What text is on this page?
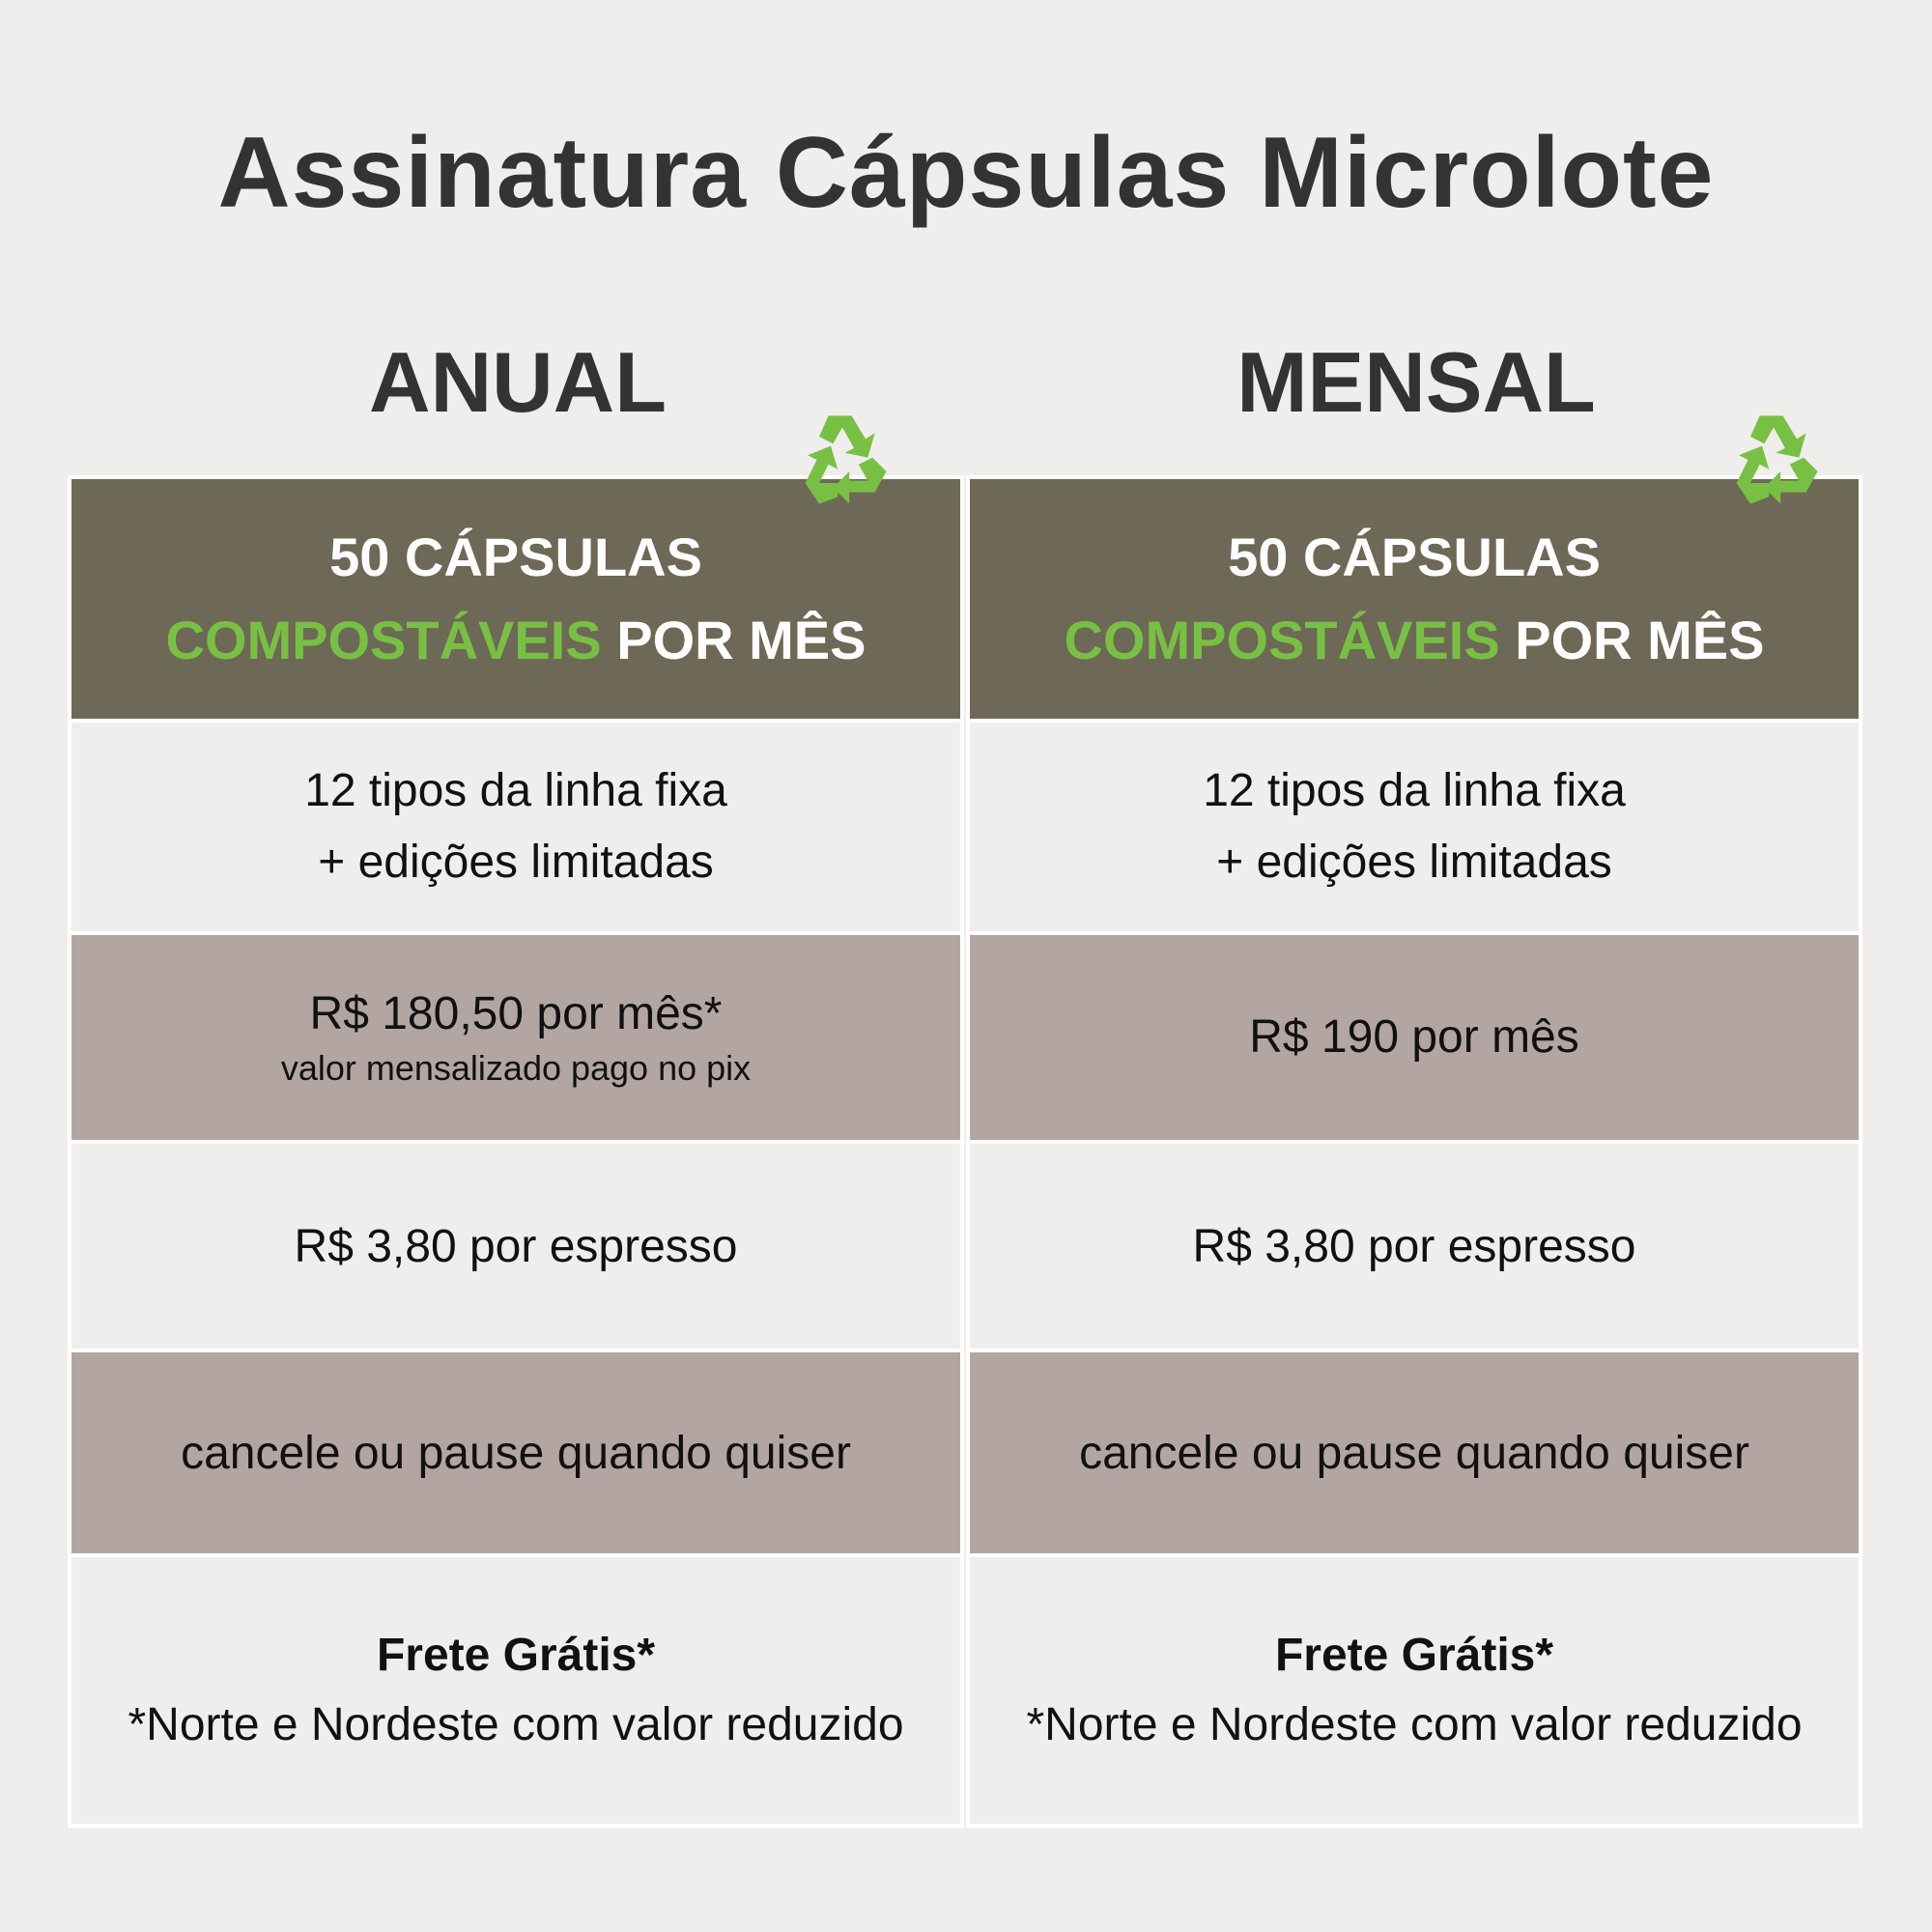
Assinatura Cápsulas Microlote
ANUAL	MENSAL
50 CÁPSULAS
COMPOSTÁVEIS POR MÊS
12 tipos da linha fixa
+ edições limitadas
R$ 180,50 por mês*
valor mensalizado pago no pix
R$ 3,80 por espresso
cancele ou pause quando quiser
Frete Grátis*
*Norte e Nordeste com valor reduzido
50 CÁPSULAS
COMPOSTÁVEIS POR MÊS
12 tipos da linha fixa
+ edições limitadas
R$ 190 por mês
R$ 3,80 por espresso
cancele ou pause quando quiser
Frete Grátis*
*Norte e Nordeste com valor reduzido
